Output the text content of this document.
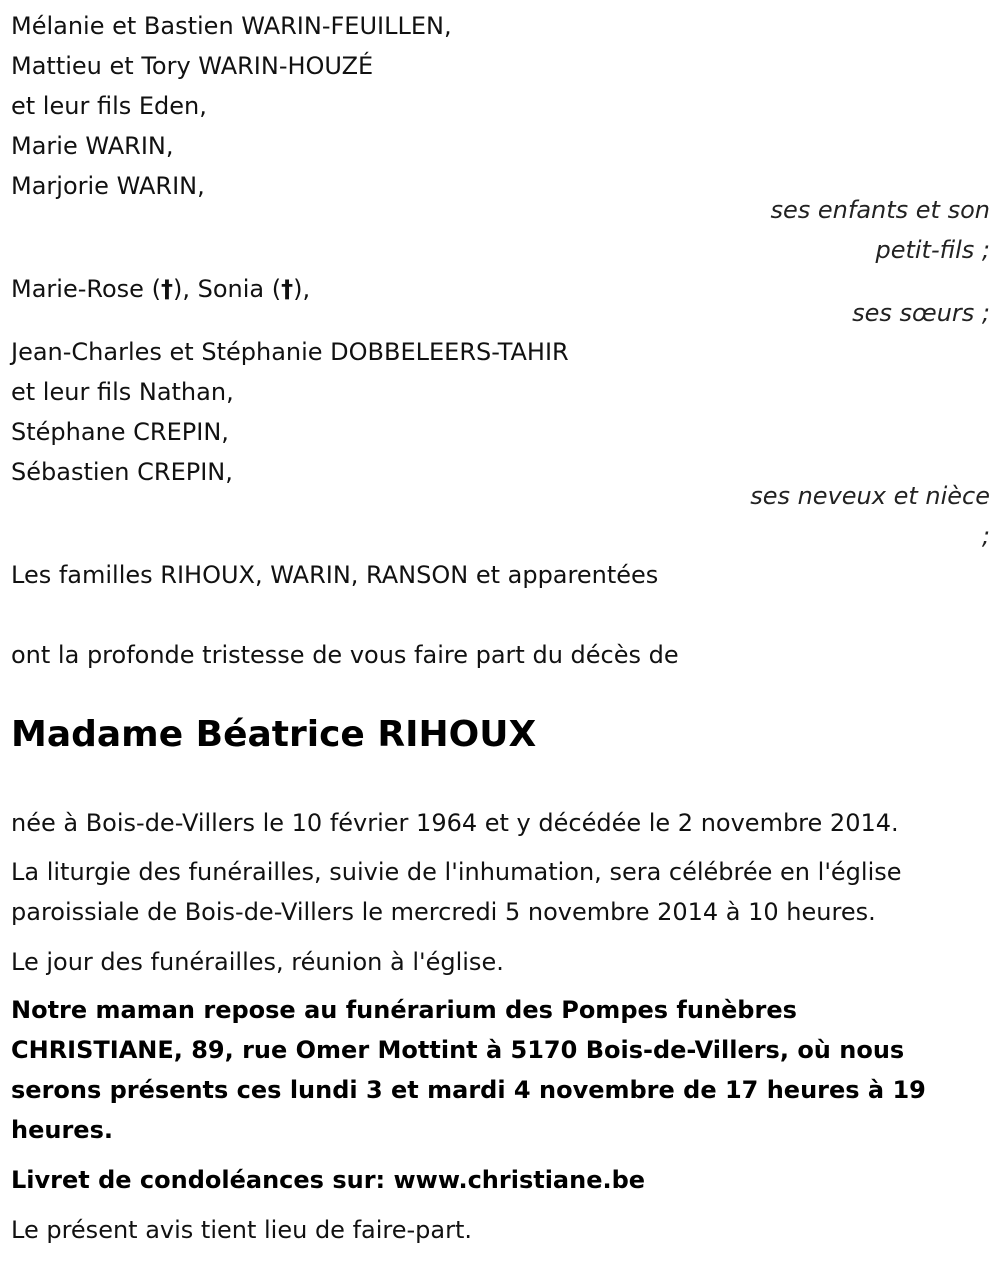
Mélanie et Bastien WARIN-FEUILLEN,
Mattieu et Tory WARIN-HOUZÉ
et leur fils Eden,
Marie WARIN,
Marjorie WARIN,
ses enfants et son
petit-fils ;
Marie-Rose (†), Sonia (†),
ses sœurs ;
Jean-Charles et Stéphanie DOBBELEERS-TAHIR
et leur fils Nathan,
Stéphane CREPIN,
Sébastien CREPIN,
ses neveux et nièce
;
Les familles RIHOUX, WARIN, RANSON et apparentées
ont la profonde tristesse de vous faire part du décès de
Madame Béatrice RIHOUX
née à Bois-de-Villers le 10 février 1964 et y décédée le 2 novembre 2014.
La liturgie des funérailles, suivie de l'inhumation, sera célébrée en l'église
paroissiale de Bois-de-Villers le mercredi 5 novembre 2014 à 10 heures.
Le jour des funérailles, réunion à l'église.
Notre maman repose au funérarium des Pompes funèbres
CHRISTIANE, 89, rue Omer Mottint à 5170 Bois-de-Villers, où nous
serons présents ces lundi 3 et mardi 4 novembre de 17 heures à 19
heures.
Livret de condoléances sur: www.christiane.be
Le présent avis tient lieu de faire-part.
